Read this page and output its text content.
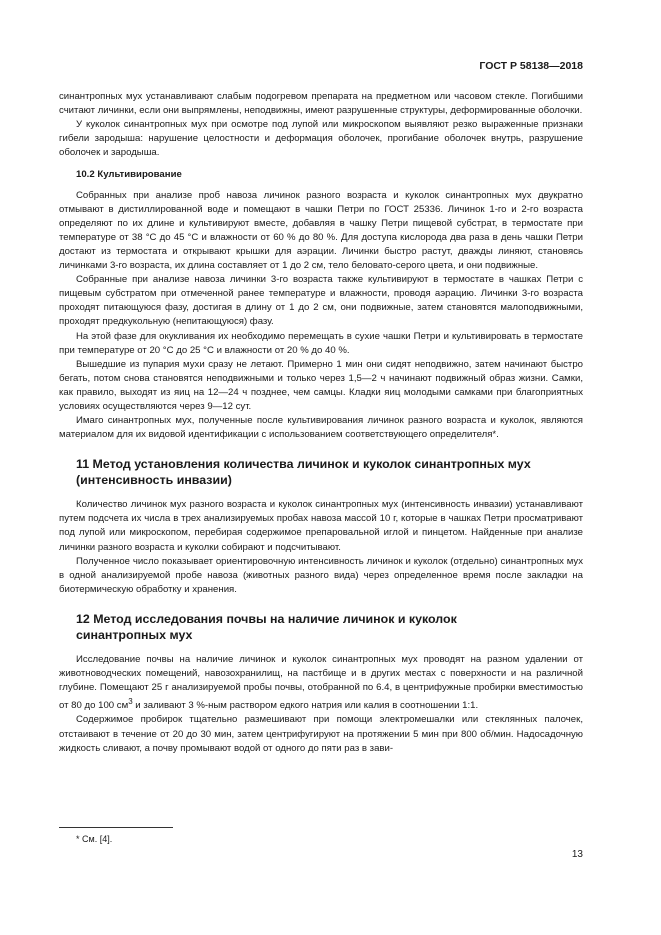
ГОСТ Р 58138—2018

синантропных мух устанавливают слабым подогревом препарата на предметном или часовом стекле. Погибшими считают личинки, если они выпрямлены, неподвижны, имеют разрушенные структуры, деформированные оболочки.

У куколок синантропных мух при осмотре под лупой или микроскопом выявляют резко выраженные признаки гибели зародыша: нарушение целостности и деформация оболочек, прогибание оболочек внутрь, разрушение оболочек и зародыша.

10.2 Культивирование

Собранных при анализе проб навоза личинок разного возраста и куколок синантропных мух двукратно отмывают в дистиллированной воде и помещают в чашки Петри по ГОСТ 25336. Личинок 1-го и 2-го возраста определяют по их длине и культивируют вместе, добавляя в чашку Петри пищевой субстрат, в термостате при температуре от 38 °С до 45 °С и влажности от 60 % до 80 %. Для доступа кислорода два раза в день чашки Петри достают из термостата и открывают крышки для аэрации. Личинки быстро растут, дважды линяют, становясь личинками 3-го возраста, их длина составляет от 1 до 2 см, тело беловато-серого цвета, и они подвижные.

Собранные при анализе навоза личинки 3-го возраста также культивируют в термостате в чашках Петри с пищевым субстратом при отмеченной ранее температуре и влажности, проводя аэрацию. Личинки 3-го возраста проходят питающуюся фазу, достигая в длину от 1 до 2 см, они подвижные, затем становятся малоподвижными, проходят предкукольную (непитающуюся) фазу.

На этой фазе для окукливания их необходимо перемещать в сухие чашки Петри и культивировать в термостате при температуре от 20 °С до 25 °С и влажности от 20 % до 40 %.

Вышедшие из пупария мухи сразу не летают. Примерно 1 мин они сидят неподвижно, затем начинают быстро бегать, потом снова становятся неподвижными и только через 1,5—2 ч начинают подвижный образ жизни. Самки, как правило, выходят из яиц на 12—24 ч позднее, чем самцы. Кладки яиц молодыми самками при благоприятных условиях осуществляются через 9—12 сут.

Имаго синантропных мух, полученные после культивирования личинок разного возраста и куколок, являются материалом для их видовой идентификации с использованием соответствующего определителя*.

11 Метод установления количества личинок и куколок синантропных мух
(интенсивность инвазии)

Количество личинок мух разного возраста и куколок синантропных мух (интенсивность инвазии) устанавливают путем подсчета их числа в трех анализируемых пробах навоза массой 10 г, которые в чашках Петри просматривают под лупой или микроскопом, перебирая содержимое препаровальной иглой и пинцетом. Найденные при анализе личинки разного возраста и куколки собирают и подсчитывают.

Полученное число показывает ориентировочную интенсивность личинок и куколок (отдельно) синантропных мух в одной анализируемой пробе навоза (животных разного вида) через определенное время после закладки на биотермическую обработку и хранения.

12 Метод исследования почвы на наличие личинок и куколок
синантропных мух

Исследование почвы на наличие личинок и куколок синантропных мух проводят на разном удалении от животноводческих помещений, навозохранилищ, на пастбище и в других местах с поверхности и на различной глубине. Помещают 25 г анализируемой пробы почвы, отобранной по 6.4, в центрифужные пробирки вместимостью от 80 до 100 $см^3$ и заливают 3 %-ным раствором едкого натрия или калия в соотношении 1:1.

Содержимое пробирок тщательно размешивают при помощи электромешалки или стеклянных палочек, отстаивают в течение от 20 до 30 мин, затем центрифугируют на протяжении 5 мин при 800 об/мин. Надосадочную жидкость сливают, а почву промывают водой от одного до пяти раз в зави-

* См. [4].
13
